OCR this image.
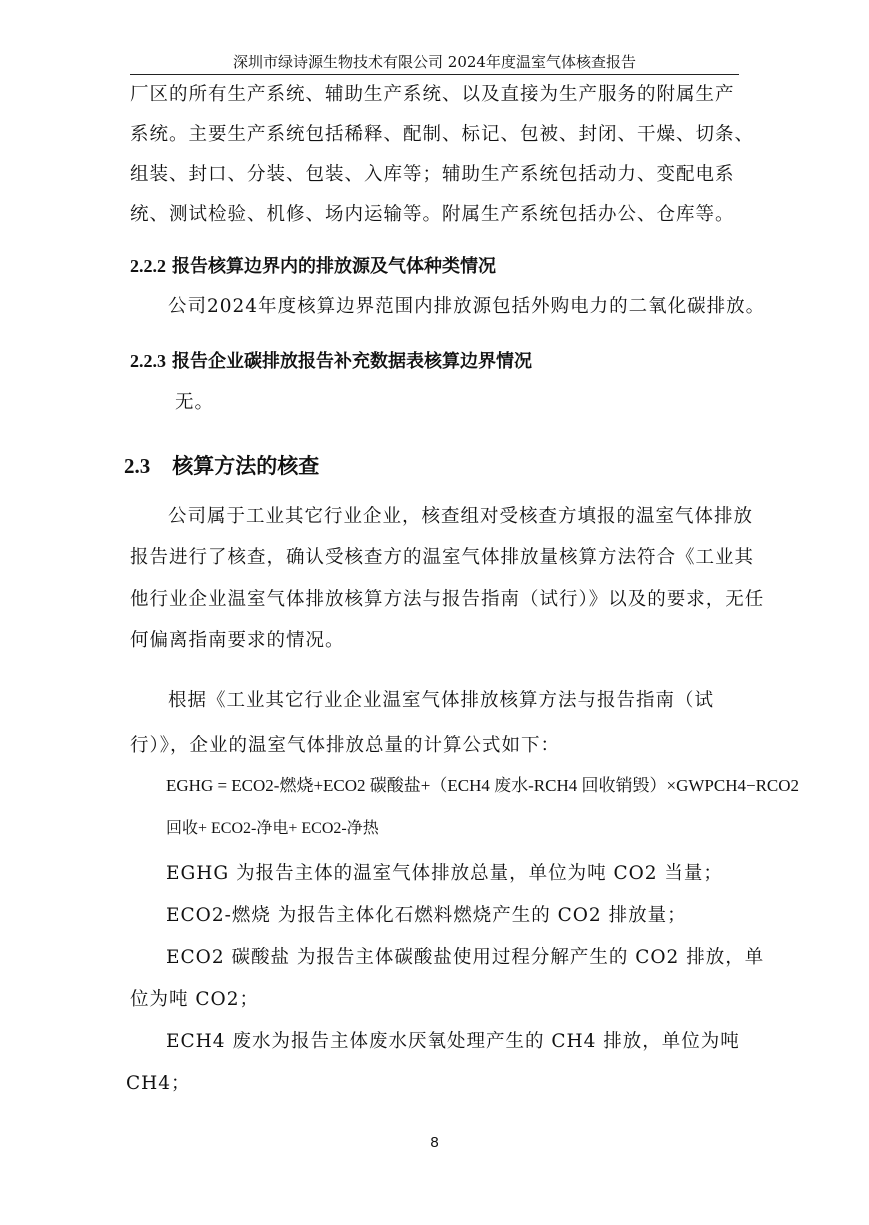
深圳市绿诗源生物技术有限公司 2024年度温室气体核查报告
厂区的所有生产系统、辅助生产系统、以及直接为生产服务的附属生产
系统。主要生产系统包括稀释、配制、标记、包被、封闭、干燥、切条、
组装、封口、分装、包装、入库等；辅助生产系统包括动力、变配电系
统、测试检验、机修、场内运输等。附属生产系统包括办公、仓库等。
2.2.2 报告核算边界内的排放源及气体种类情况
公司2024年度核算边界范围内排放源包括外购电力的二氧化碳排放。
2.2.3 报告企业碳排放报告补充数据表核算边界情况
无。
2.3 核算方法的核查
公司属于工业其它行业企业，核查组对受核查方填报的温室气体排放
报告进行了核查，确认受核查方的温室气体排放量核算方法符合《工业其
他行业企业温室气体排放核算方法与报告指南（试行）》以及的要求，无任
何偏离指南要求的情况。
根据《工业其它行业企业温室气体排放核算方法与报告指南（试
行）》，企业的温室气体排放总量的计算公式如下：
EGHG = ECO2-燃烧+ECO2 碳酸盐+（ECH4 废水-RCH4 回收销毁）×GWPCH4−RCO2
回收+ ECO2-净电+ ECO2-净热
EGHG 为报告主体的温室气体排放总量，单位为吨 CO2 当量；
ECO2-燃烧 为报告主体化石燃料燃烧产生的 CO2 排放量；
ECO2 碳酸盐 为报告主体碳酸盐使用过程分解产生的 CO2 排放，单
位为吨 CO2；
ECH4 废水为报告主体废水厌氧处理产生的 CH4 排放，单位为吨
CH4；
8
